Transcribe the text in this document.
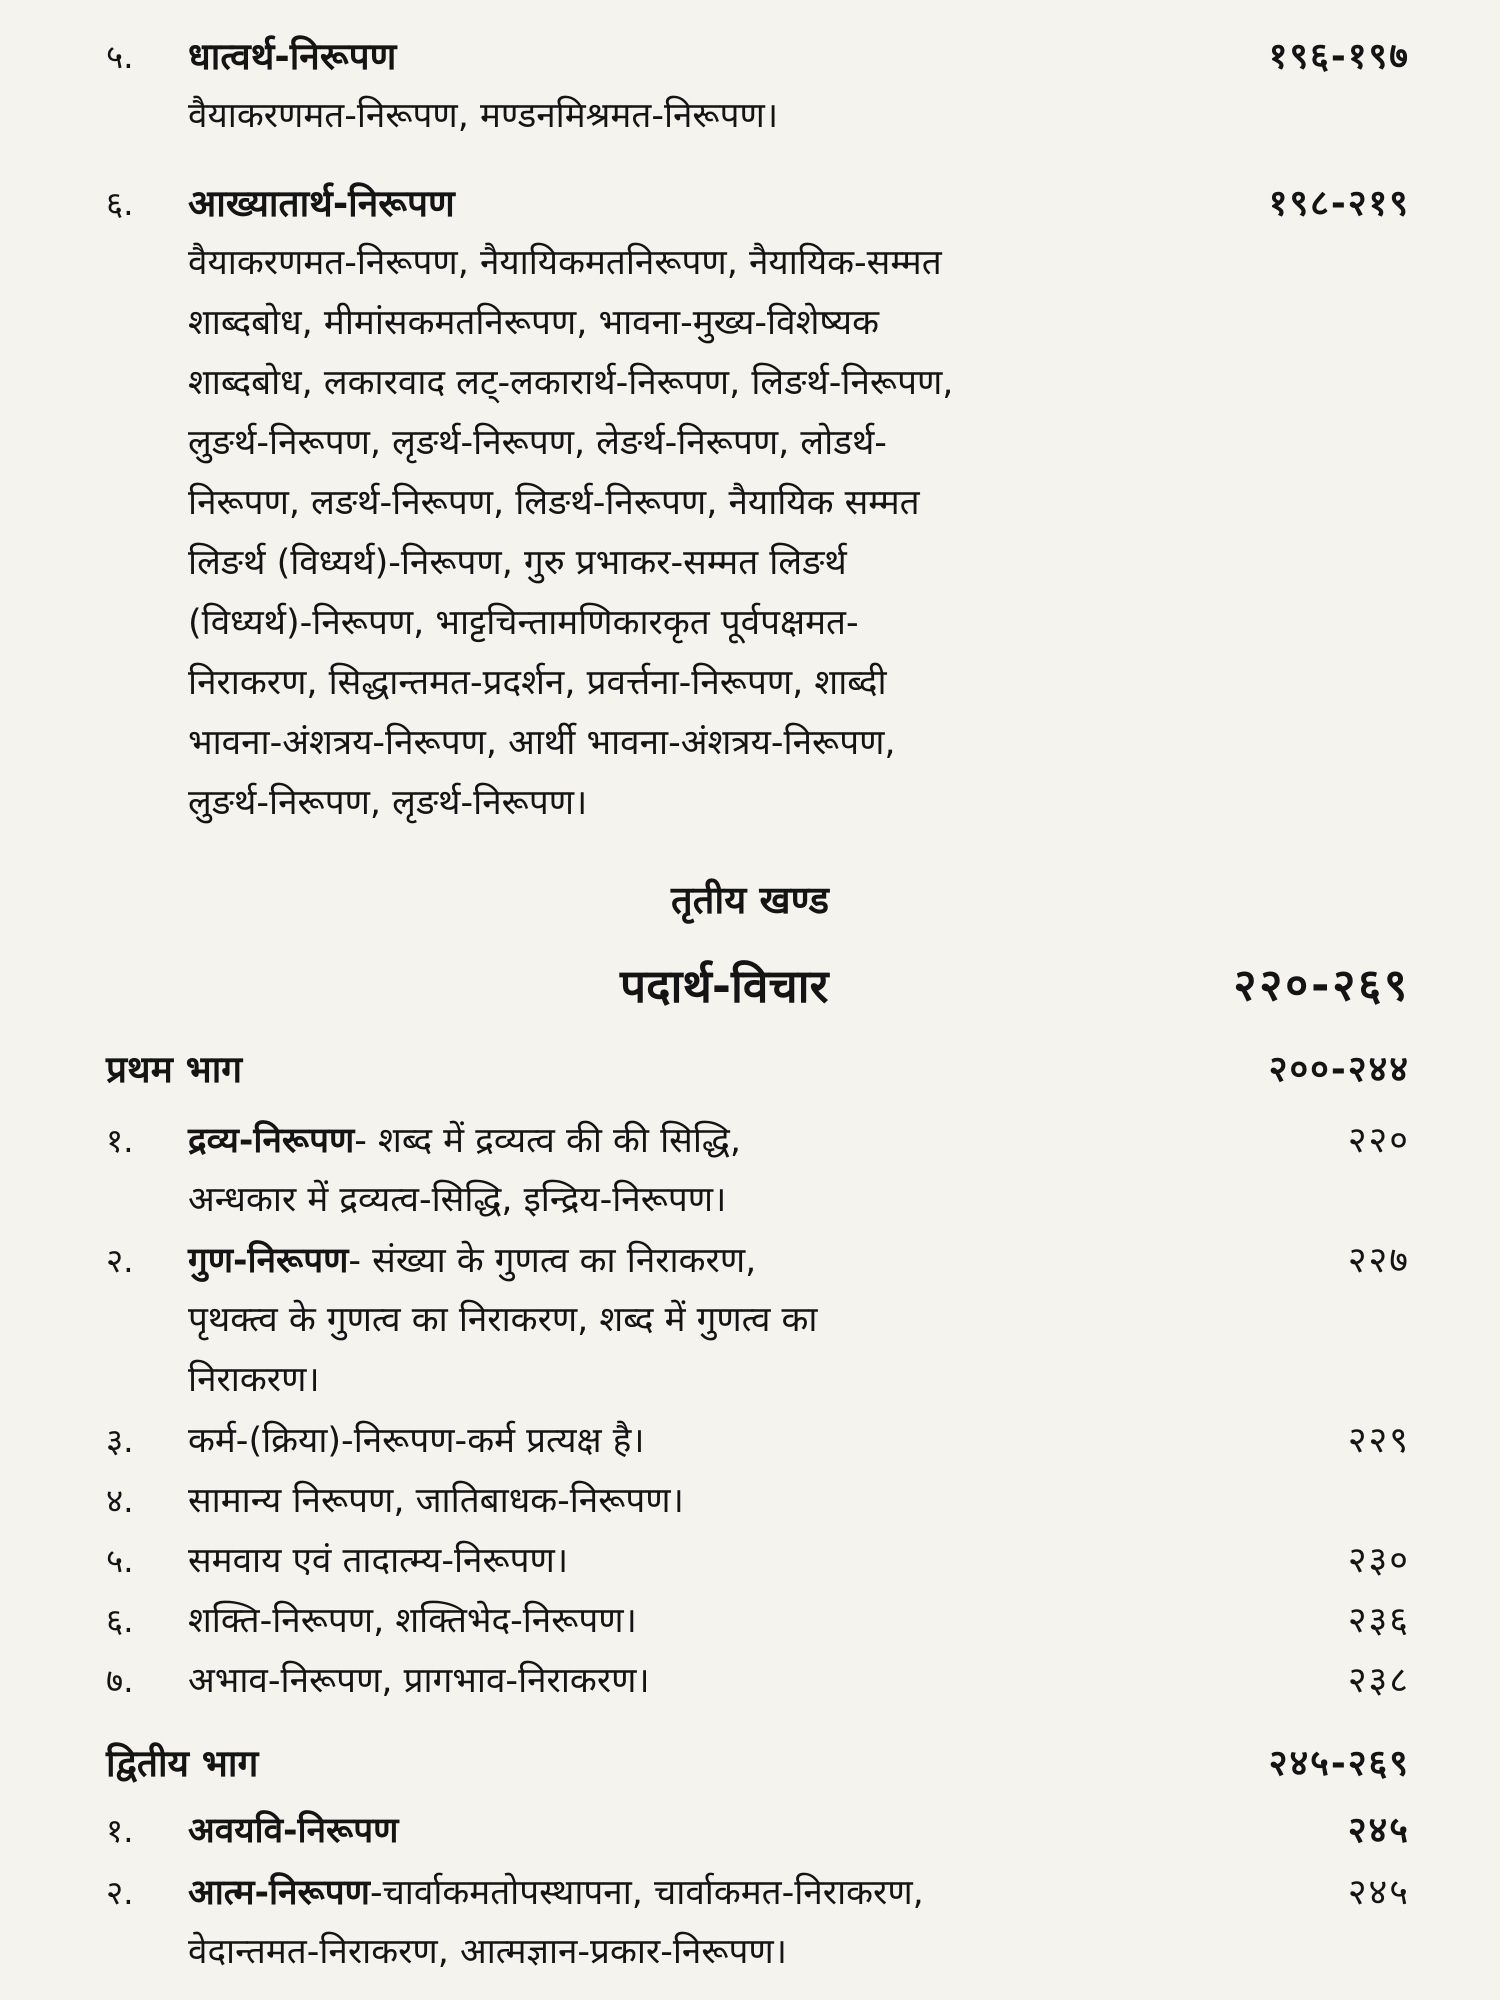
५. धात्वर्थ-निरूपण	१९६-१९७
वैयाकरणमत-निरूपण, मण्डनमिश्रमत-निरूपण।
६. आख्यातार्थ-निरूपण	१९८-२१९
वैयाकरणमत-निरूपण, नैयायिकमतनिरूपण, नैयायिक-सम्मत
शाब्दबोध, मीमांसकमतनिरूपण, भावना-मुख्य-विशेष्यक
शाब्दबोध, लकारवाद लट्-लकारार्थ-निरूपण, लिङर्थ-निरूपण,
लुङर्थ-निरूपण, लृङर्थ-निरूपण, लेङर्थ-निरूपण, लोडर्थ-
निरूपण, लङर्थ-निरूपण, लिङर्थ-निरूपण, नैयायिक सम्मत
लिङर्थ (विध्यर्थ)-निरूपण, गुरु प्रभाकर-सम्मत लिङर्थ
(विध्यर्थ)-निरूपण, भाट्टचिन्तामणिकारकृत पूर्वपक्षमत-
निराकरण, सिद्धान्तमत-प्रदर्शन, प्रवर्त्तना-निरूपण, शाब्दी
भावना-अंशत्रय-निरूपण, आर्थी भावना-अंशत्रय-निरूपण,
लुङर्थ-निरूपण, लृङर्थ-निरूपण।
तृतीय खण्ड
पदार्थ-विचार	२२०-२६९
प्रथम भाग	२००-२४४
१. द्रव्य-निरूपण- शब्द में द्रव्यत्व की की सिद्धि,	२२०
अन्धकार में द्रव्यत्व-सिद्धि, इन्द्रिय-निरूपण।
२. गुण-निरूपण- संख्या के गुणत्व का निराकरण,	२२७
पृथक्त्व के गुणत्व का निराकरण, शब्द में गुणत्व का
निराकरण।
३. कर्म-(क्रिया)-निरूपण-कर्म प्रत्यक्ष है।	२२९
४. सामान्य निरूपण, जातिबाधक-निरूपण।
५. समवाय एवं तादात्म्य-निरूपण।	२३०
६. शक्ति-निरूपण, शक्तिभेद-निरूपण।	२३६
७. अभाव-निरूपण, प्रागभाव-निराकरण।	२३८
द्वितीय भाग	२४५-२६९
१. अवयवि-निरूपण	२४५
२. आत्म-निरूपण-चार्वाकमतोपस्थापना, चार्वाकमत-निराकरण,	२४५
वेदान्तमत-निराकरण, आत्मज्ञान-प्रकार-निरूपण।
